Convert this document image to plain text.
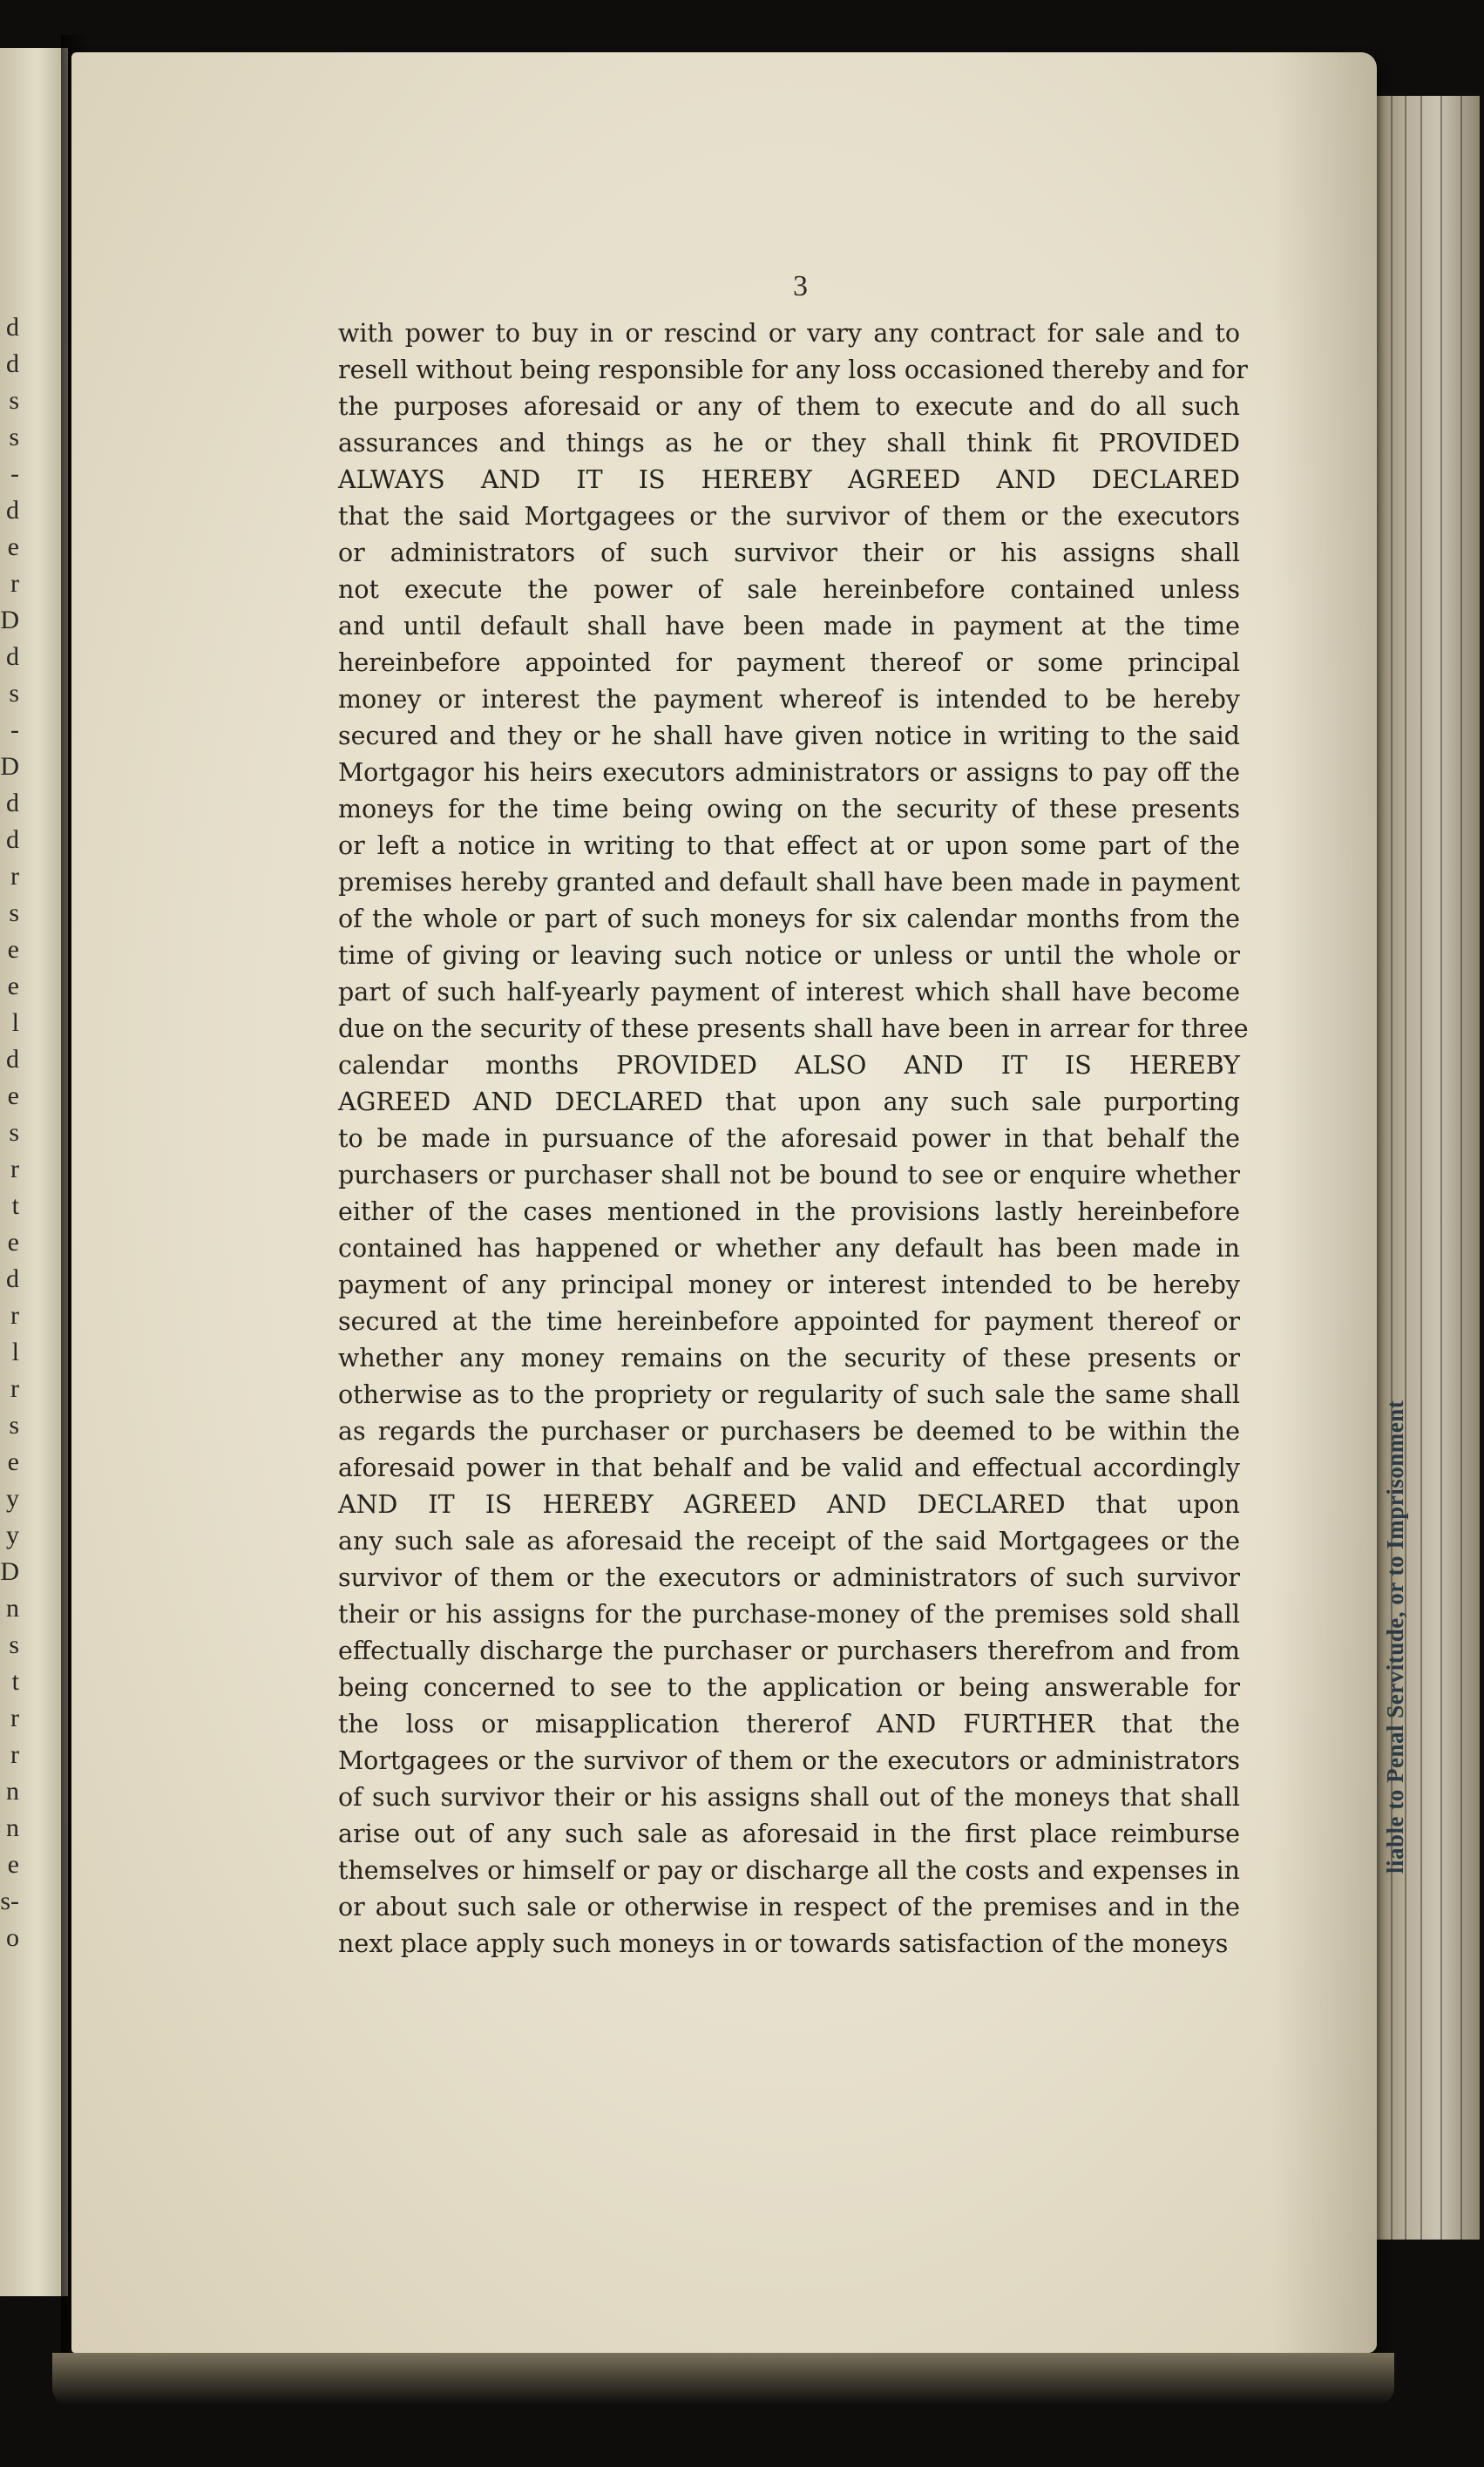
d
d
s
s
-
d
e
r
D
d
s
-
D
d
d
r
s
e
e
l
d
e
s
r
t
e
d
r
l
r
s
e
y
y
D
n
s
t
r
r
n
n
e
s-
o
liable to Penal Servitude, or to Imprisonment
3
with power to buy in or rescind or vary any contract for sale and to
resell without being responsible for any loss occasioned thereby and for
the purposes aforesaid or any of them to execute and do all such
assurances and things as he or they shall think fit PROVIDED
ALWAYS AND IT IS HEREBY AGREED AND DECLARED
that the said Mortgagees or the survivor of them or the executors
or administrators of such survivor their or his assigns shall
not execute the power of sale hereinbefore contained unless
and until default shall have been made in payment at the time
hereinbefore appointed for payment thereof or some principal
money or interest the payment whereof is intended to be hereby
secured and they or he shall have given notice in writing to the said
Mortgagor his heirs executors administrators or assigns to pay off the
moneys for the time being owing on the security of these presents
or left a notice in writing to that effect at or upon some part of the
premises hereby granted and default shall have been made in payment
of the whole or part of such moneys for six calendar months from the
time of giving or leaving such notice or unless or until the whole or
part of such half-yearly payment of interest which shall have become
due on the security of these presents shall have been in arrear for three
calendar months PROVIDED ALSO AND IT IS HEREBY
AGREED AND DECLARED that upon any such sale purporting
to be made in pursuance of the aforesaid power in that behalf the
purchasers or purchaser shall not be bound to see or enquire whether
either of the cases mentioned in the provisions lastly hereinbefore
contained has happened or whether any default has been made in
payment of any principal money or interest intended to be hereby
secured at the time hereinbefore appointed for payment thereof or
whether any money remains on the security of these presents or
otherwise as to the propriety or regularity of such sale the same shall
as regards the purchaser or purchasers be deemed to be within the
aforesaid power in that behalf and be valid and effectual accordingly
AND IT IS HEREBY AGREED AND DECLARED that upon
any such sale as aforesaid the receipt of the said Mortgagees or the
survivor of them or the executors or administrators of such survivor
their or his assigns for the purchase-money of the premises sold shall
effectually discharge the purchaser or purchasers therefrom and from
being concerned to see to the application or being answerable for
the loss or misapplication thererof AND FURTHER that the
Mortgagees or the survivor of them or the executors or administrators
of such survivor their or his assigns shall out of the moneys that shall
arise out of any such sale as aforesaid in the first place reimburse
themselves or himself or pay or discharge all the costs and expenses in
or about such sale or otherwise in respect of the premises and in the
next place apply such moneys in or towards satisfaction of the moneys
